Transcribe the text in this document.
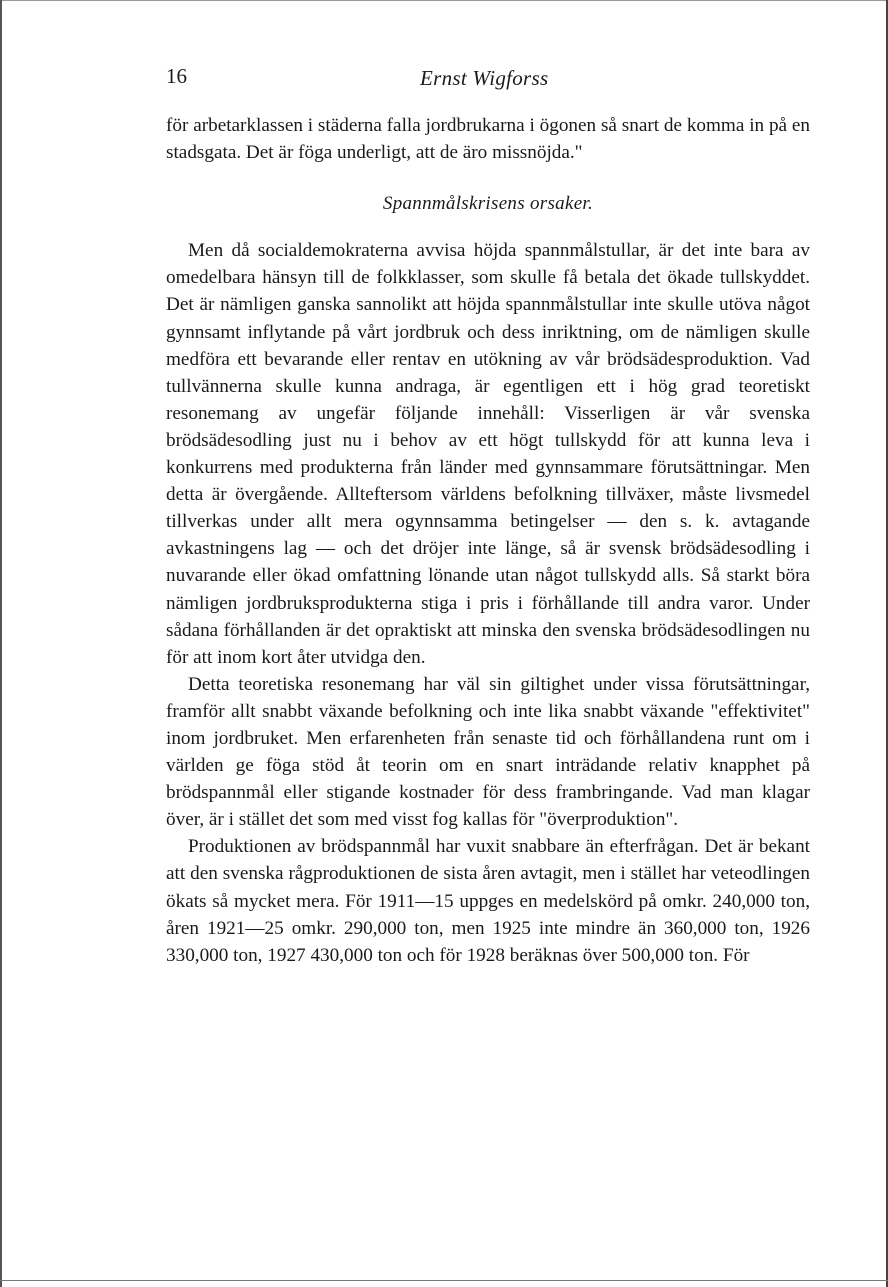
16	Ernst Wigforss

för arbetarklassen i städerna falla jordbrukarna i ögonen så snart de komma in på en stadsgata. Det är föga underligt, att de äro missnöjda."

Spannmålskrisens orsaker.

Men då socialdemokraterna avvisa höjda spannmålstullar, är det inte bara av omedelbara hänsyn till de folkklasser, som skulle få betala det ökade tullskyddet. Det är nämligen ganska sannolikt att höjda spannmålstullar inte skulle utöva något gynnsamt inflytande på vårt jordbruk och dess inriktning, om de nämligen skulle medföra ett bevarande eller rentav en utökning av vår brödsädesproduktion. Vad tullvännerna skulle kunna andraga, är egentligen ett i hög grad teoretiskt resonemang av ungefär följande innehåll: Visserligen är vår svenska brödsädesodling just nu i behov av ett högt tullskydd för att kunna leva i konkurrens med produkterna från länder med gynnsammare förutsättningar. Men detta är övergående. Allteftersom världens befolkning tillväxer, måste livsmedel tillverkas under allt mera ogynnsamma betingelser — den s. k. avtagande avkastningens lag — och det dröjer inte länge, så är svensk brödsädesodling i nuvarande eller ökad omfattning lönande utan något tullskydd alls. Så starkt böra nämligen jordbruksprodukterna stiga i pris i förhållande till andra varor. Under sådana förhållanden är det opraktiskt att minska den svenska brödsädesodlingen nu för att inom kort åter utvidga den.

Detta teoretiska resonemang har väl sin giltighet under vissa förutsättningar, framför allt snabbt växande befolkning och inte lika snabbt växande "effektivitet" inom jordbruket. Men erfarenheten från senaste tid och förhållandena runt om i världen ge föga stöd åt teorin om en snart inträdande relativ knapphet på brödspannmål eller stigande kostnader för dess frambringande. Vad man klagar över, är i stället det som med visst fog kallas för "överproduktion".

Produktionen av brödspannmål har vuxit snabbare än efterfrågan. Det är bekant att den svenska rågproduktionen de sista åren avtagit, men i stället har veteodlingen ökats så mycket mera. För 1911—15 uppges en medelskörd på omkr. 240,000 ton, åren 1921—25 omkr. 290,000 ton, men 1925 inte mindre än 360,000 ton, 1926 330,000 ton, 1927 430,000 ton och för 1928 beräknas över 500,000 ton. För
